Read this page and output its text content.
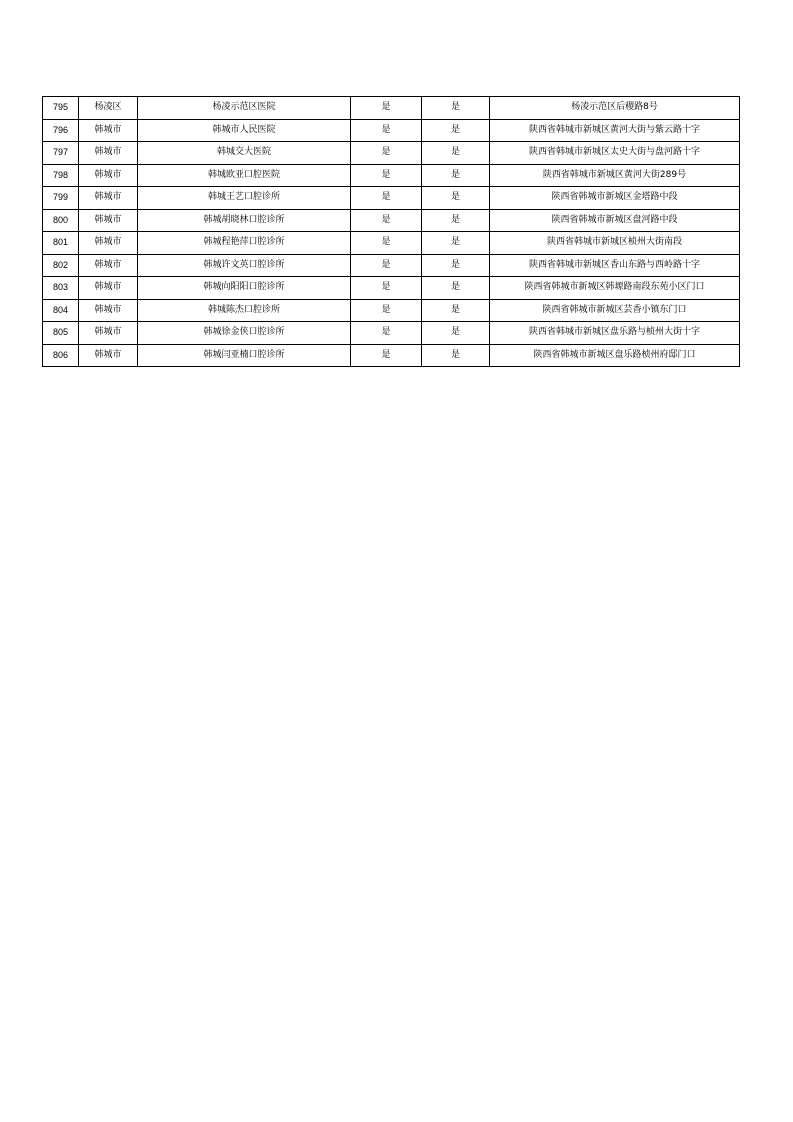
795	杨凌区	杨凌示范区医院	是	是	杨凌示范区后稷路8号
796	韩城市	韩城市人民医院	是	是	陕西省韩城市新城区黄河大街与紫云路十字
797	韩城市	韩城交大医院	是	是	陕西省韩城市新城区太史大街与盘河路十字
798	韩城市	韩城欧亚口腔医院	是	是	陕西省韩城市新城区黄河大街289号
799	韩城市	韩城王艺口腔诊所	是	是	陕西省韩城市新城区金塔路中段
800	韩城市	韩城胡晓林口腔诊所	是	是	陕西省韩城市新城区盘河路中段
801	韩城市	韩城程艳萍口腔诊所	是	是	陕西省韩城市新城区桢州大街南段
802	韩城市	韩城许文英口腔诊所	是	是	陕西省韩城市新城区香山东路与西岭路十字
803	韩城市	韩城向阳阳口腔诊所	是	是	陕西省韩城市新城区韩塬路南段东苑小区门口
804	韩城市	韩城陈杰口腔诊所	是	是	陕西省韩城市新城区芸香小镇东门口
805	韩城市	韩城徐金侠口腔诊所	是	是	陕西省韩城市新城区盘乐路与桢州大街十字
806	韩城市	韩城闫亚楠口腔诊所	是	是	陕西省韩城市新城区盘乐路桢州府邸门口
